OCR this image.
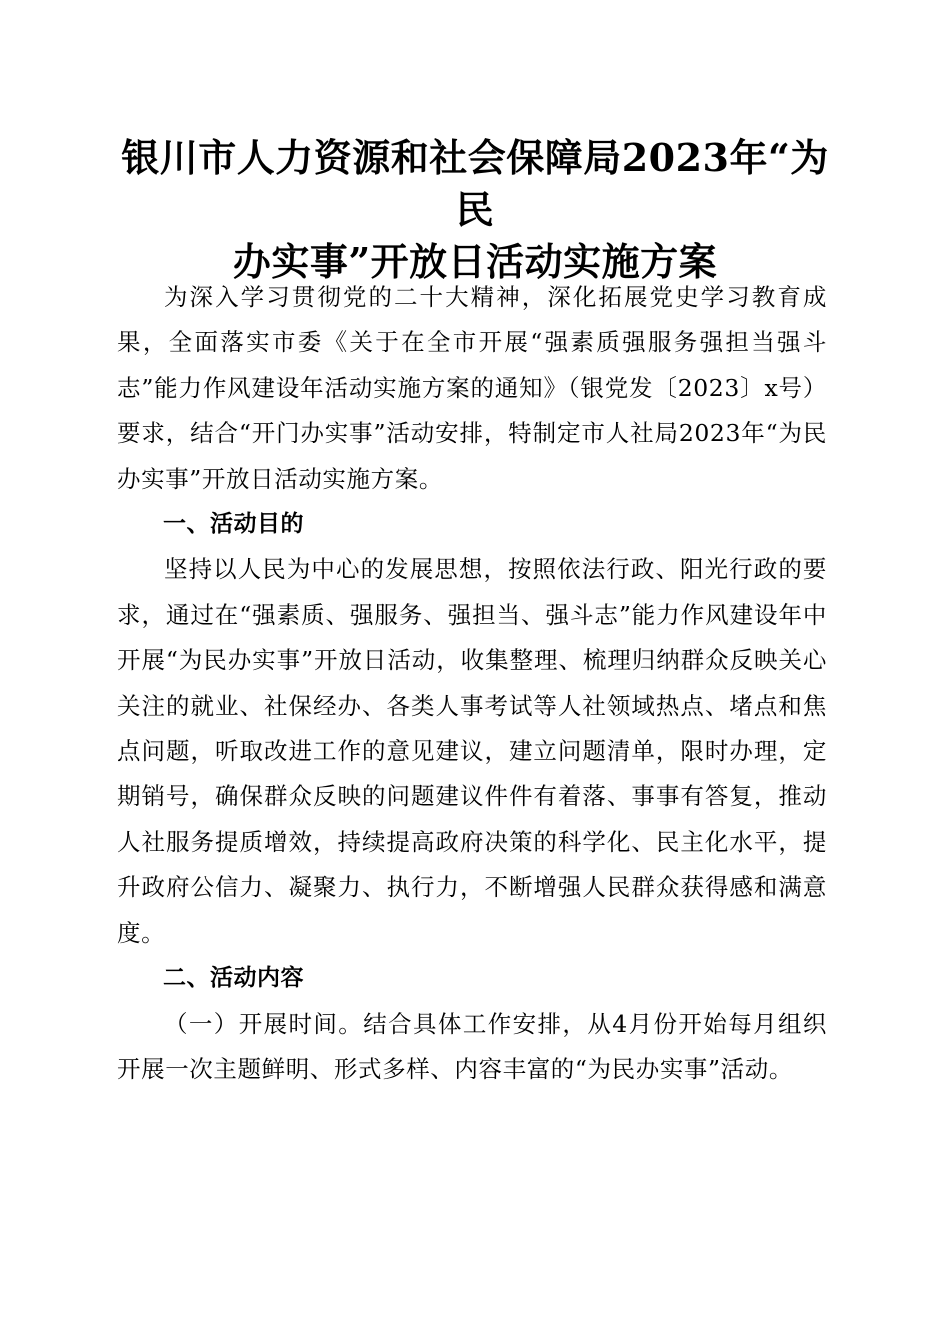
银川市人力资源和社会保障局2023年“为民
办实事”开放日活动实施方案

为深入学习贯彻党的二十大精神，深化拓展党史学习教育成果，全面落实市委《关于在全市开展“强素质强服务强担当强斗志”能力作风建设年活动实施方案的通知》（银党发〔2023〕x号）要求，结合“开门办实事”活动安排，特制定市人社局2023年“为民办实事”开放日活动实施方案。

一、活动目的

坚持以人民为中心的发展思想，按照依法行政、阳光行政的要求，通过在“强素质、强服务、强担当、强斗志”能力作风建设年中开展“为民办实事”开放日活动，收集整理、梳理归纳群众反映关心关注的就业、社保经办、各类人事考试等人社领域热点、堵点和焦点问题，听取改进工作的意见建议，建立问题清单，限时办理，定期销号，确保群众反映的问题建议件件有着落、事事有答复，推动人社服务提质增效，持续提高政府决策的科学化、民主化水平，提升政府公信力、凝聚力、执行力，不断增强人民群众获得感和满意度。

二、活动内容

（一）开展时间。结合具体工作安排，从4月份开始每月组织开展一次主题鲜明、形式多样、内容丰富的“为民办实事”活动。
